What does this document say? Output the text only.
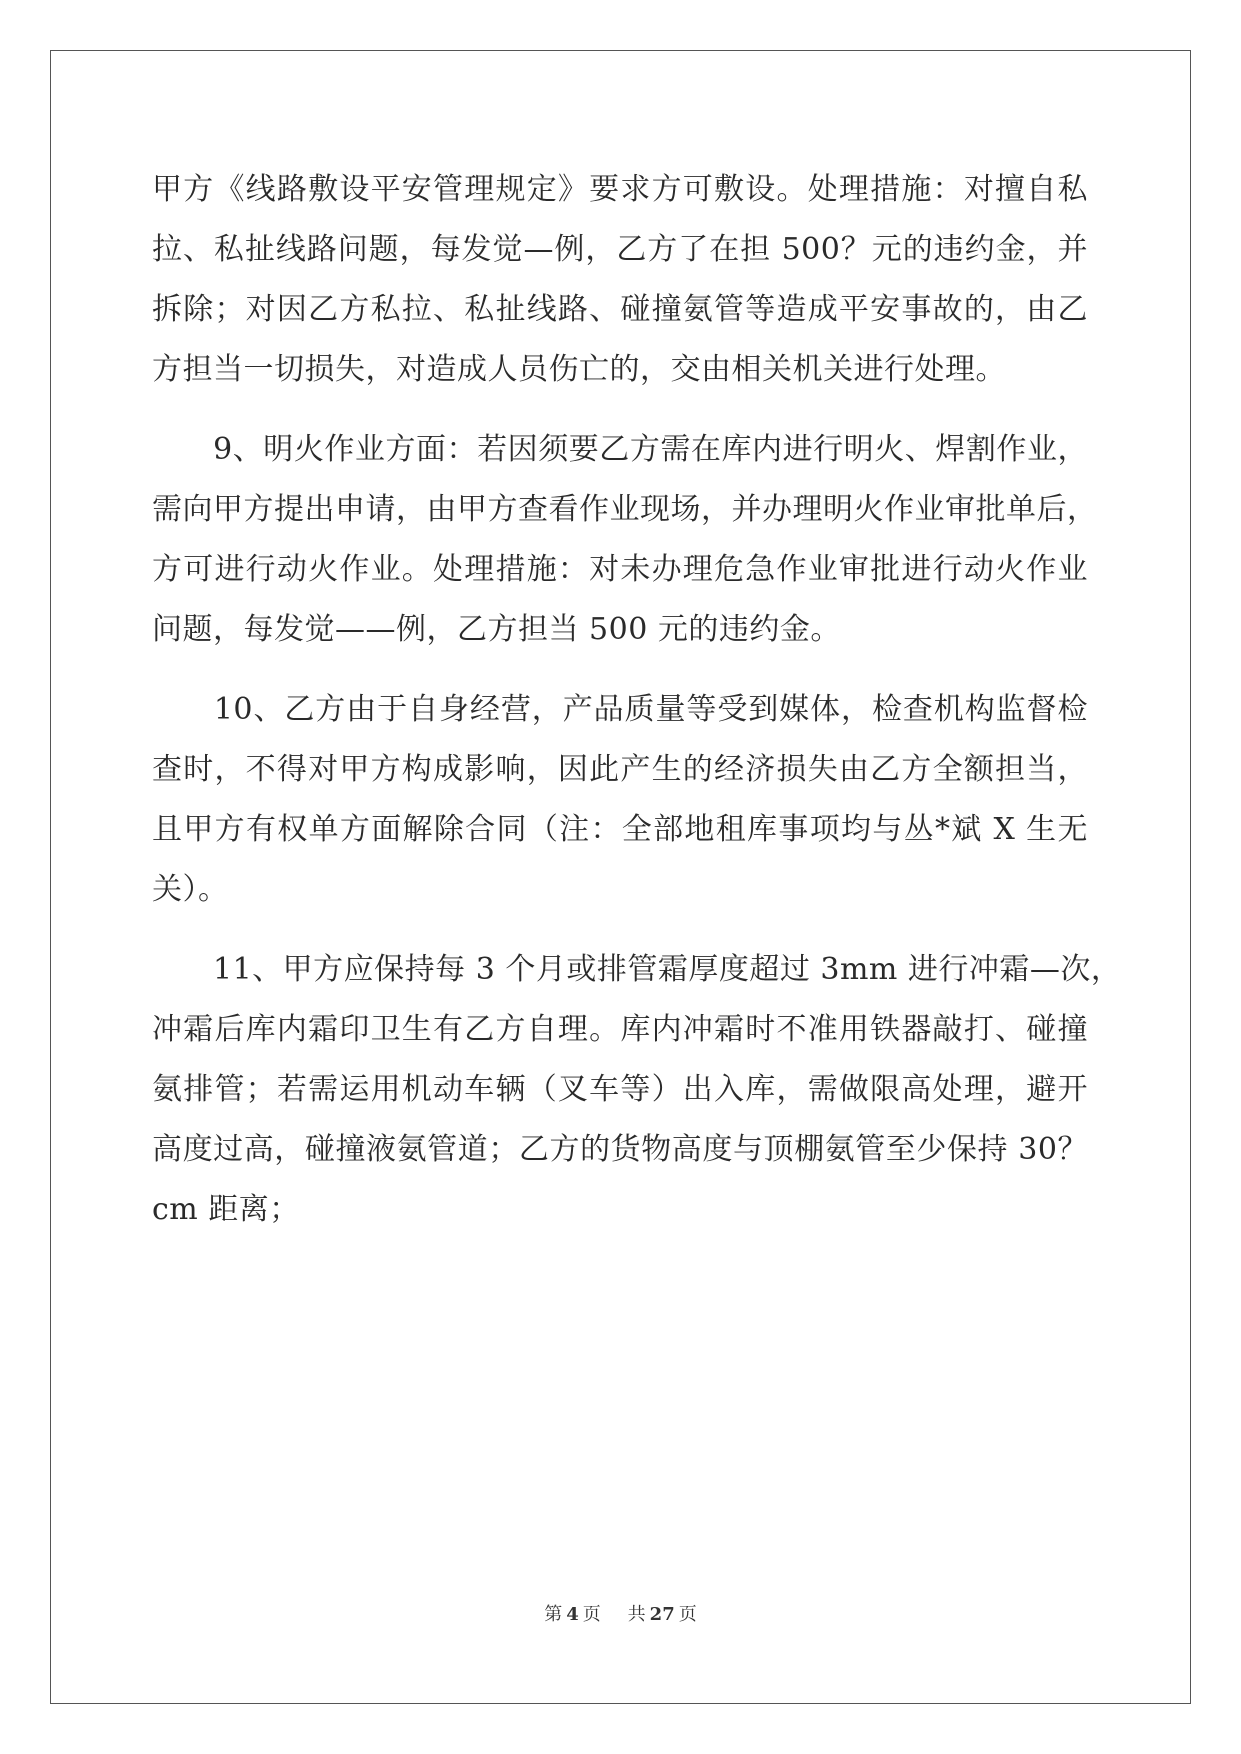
甲方《线路敷设平安管理规定》要求方可敷设。处理措施：对擅自私

拉、私扯线路问题，每发觉—例，乙方了在担 500？元的违约金，并

拆除；对因乙方私拉、私扯线路、碰撞氨管等造成平安事故的，由乙

方担当一切损失，对造成人员伤亡的，交由相关机关进行处理。

　　9、明火作业方面：若因须要乙方需在库内进行明火、焊割作业，

需向甲方提出申请，由甲方查看作业现场，并办理明火作业审批单后，

方可进行动火作业。处理措施：对未办理危急作业审批进行动火作业

问题，每发觉——例，乙方担当 500 元的违约金。

　　10、乙方由于自身经营，产品质量等受到媒体，检查机构监督检

查时，不得对甲方构成影响，因此产生的经济损失由乙方全额担当，

且甲方有权单方面解除合同（注：全部地租库事项均与丛*斌 X 生无

关）。

　　11、甲方应保持每 3 个月或排管霜厚度超过 3mm 进行冲霜—次，

冲霜后库内霜印卫生有乙方自理。库内冲霜时不准用铁器敲打、碰撞

氨排管；若需运用机动车辆（叉车等）出入库，需做限高处理，避开

高度过高，碰撞液氨管道；乙方的货物高度与顶棚氨管至少保持 30？

cm 距离；

第 4 页 共 27 页
